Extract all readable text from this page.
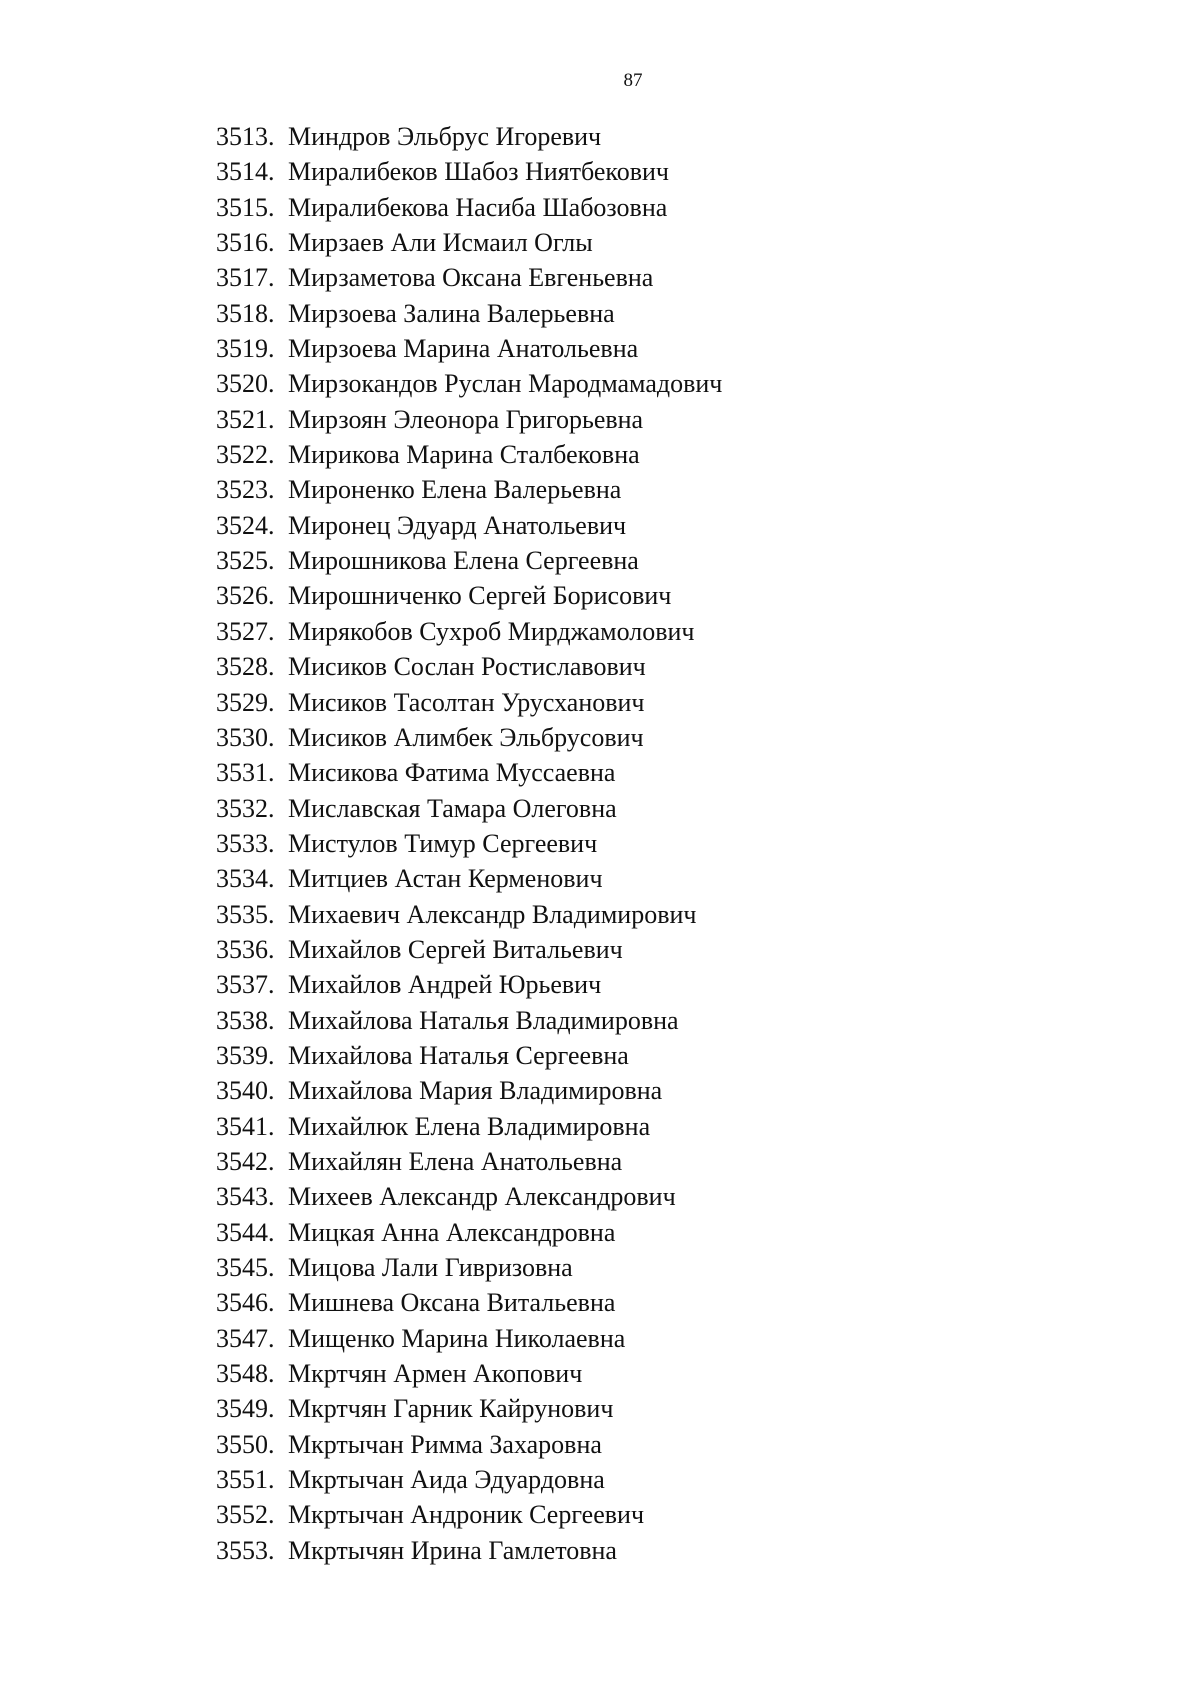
87
3513. Миндров Эльбрус Игоревич
3514. Миралибеков Шабоз Ниятбекович
3515. Миралибекова Насиба Шабозовна
3516. Мирзаев Али Исмаил Оглы
3517. Мирзаметова Оксана Евгеньевна
3518. Мирзоева Залина Валерьевна
3519. Мирзоева Марина Анатольевна
3520. Мирзокандов Руслан Маpодмамадович
3521. Мирзоян Элеонора Григорьевна
3522. Мирикова Марина Сталбековна
3523. Мироненко Елена Валерьевна
3524. Миронец Эдуард Анатольевич
3525. Мирошникова Елена Сергеевна
3526. Мирошниченко Сергей Борисович
3527. Мирякобов Сухроб Мирджамолович
3528. Мисиков Сослан Ростиславович
3529. Мисиков Тасолтан Урусханович
3530. Мисиков Алимбек Эльбрусович
3531. Мисикова Фатима Муссаевна
3532. Миславская Тамара Олеговна
3533. Мистулов Тимур Сергеевич
3534. Митциев Астан Керменович
3535. Михаевич Александр Владимирович
3536. Михайлов Сергей Витальевич
3537. Михайлов Андрей Юрьевич
3538. Михайлова Наталья Владимировна
3539. Михайлова Наталья Сергеевна
3540. Михайлова Мария Владимировна
3541. Михайлюк Елена Владимировна
3542. Михайлян Елена Анатольевна
3543. Михеев Александр Александрович
3544. Мицкая Анна Александровна
3545. Мицова Лали Гивризовна
3546. Мишнева Оксана Витальевна
3547. Мищенко Марина Николаевна
3548. Мкртчян Армен Акопович
3549. Мкртчян Гарник Кайрунович
3550. Мкртычан Римма Захаровна
3551. Мкртычан Аида Эдуардовна
3552. Мкртычан Андроник Сергеевич
3553. Мкртычян Ирина Гамлетовна
